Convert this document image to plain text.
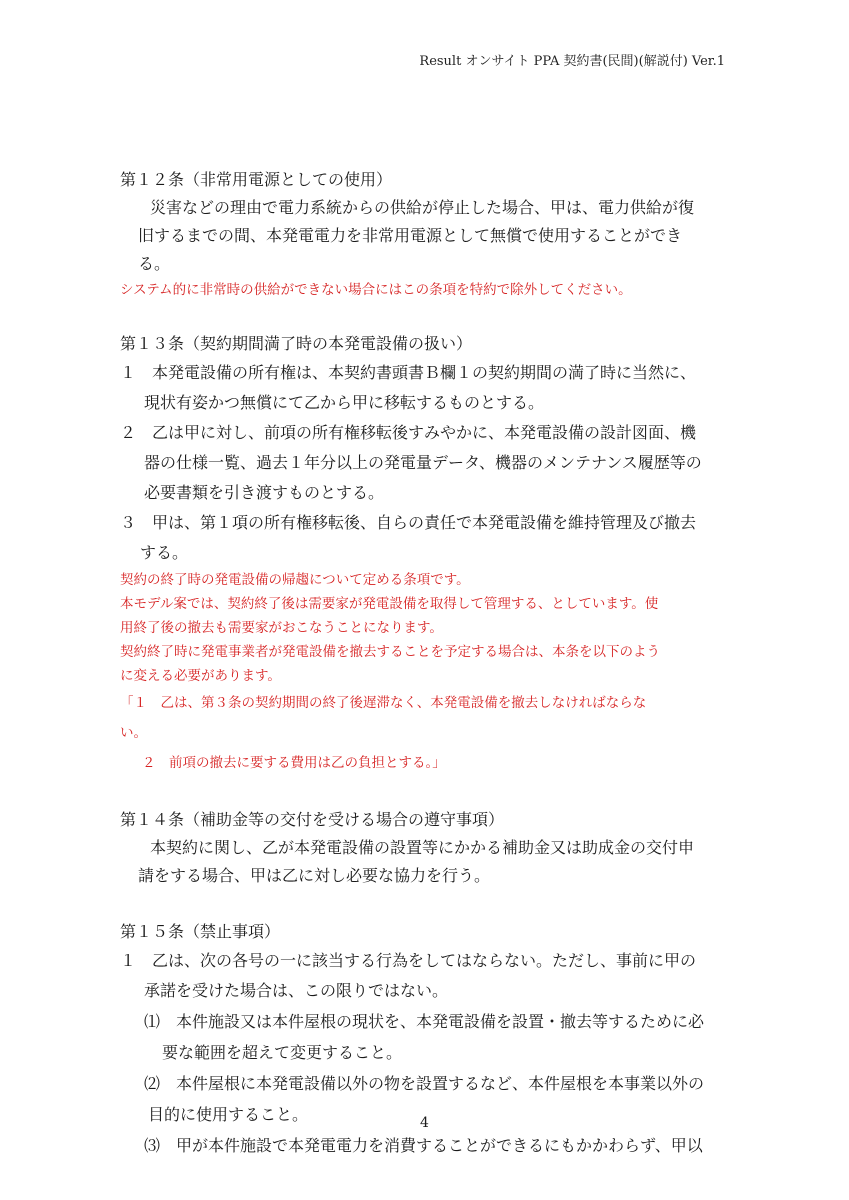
Result オンサイト PPA 契約書(民間)(解説付) Ver.1

第１２条（非常用電源としての使用）

災害などの理由で電力系統からの供給が停止した場合、甲は、電力供給が復

旧するまでの間、本発電電力を非常用電源として無償で使用することができ

る。

システム的に非常時の供給ができない場合にはこの条項を特約で除外してください。

第１３条（契約期間満了時の本発電設備の扱い）

１　本発電設備の所有権は、本契約書頭書Ｂ欄１の契約期間の満了時に当然に、

現状有姿かつ無償にて乙から甲に移転するものとする。

２　乙は甲に対し、前項の所有権移転後すみやかに、本発電設備の設計図面、機

器の仕様一覧、過去１年分以上の発電量データ、機器のメンテナンス履歴等の

必要書類を引き渡すものとする。

３　甲は、第１項の所有権移転後、自らの責任で本発電設備を維持管理及び撤去

する。

契約の終了時の発電設備の帰趨について定める条項です。

本モデル案では、契約終了後は需要家が発電設備を取得して管理する、としています。使

用終了後の撤去も需要家がおこなうことになります。

契約終了時に発電事業者が発電設備を撤去することを予定する場合は、本条を以下のよう

に変える必要があります。

「１　乙は、第３条の契約期間の終了後遅滞なく、本発電設備を撤去しなければならな

い。

２　前項の撤去に要する費用は乙の負担とする。」

第１４条（補助金等の交付を受ける場合の遵守事項）

本契約に関し、乙が本発電設備の設置等にかかる補助金又は助成金の交付申

請をする場合、甲は乙に対し必要な協力を行う。

第１５条（禁止事項）

１　乙は、次の各号の一に該当する行為をしてはならない。ただし、事前に甲の

承諾を受けた場合は、この限りではない。

⑴　本件施設又は本件屋根の現状を、本発電設備を設置・撤去等するために必

要な範囲を超えて変更すること。

⑵　本件屋根に本発電設備以外の物を設置するなど、本件屋根を本事業以外の

目的に使用すること。

⑶　甲が本件施設で本発電電力を消費することができるにもかかわらず、甲以

4
